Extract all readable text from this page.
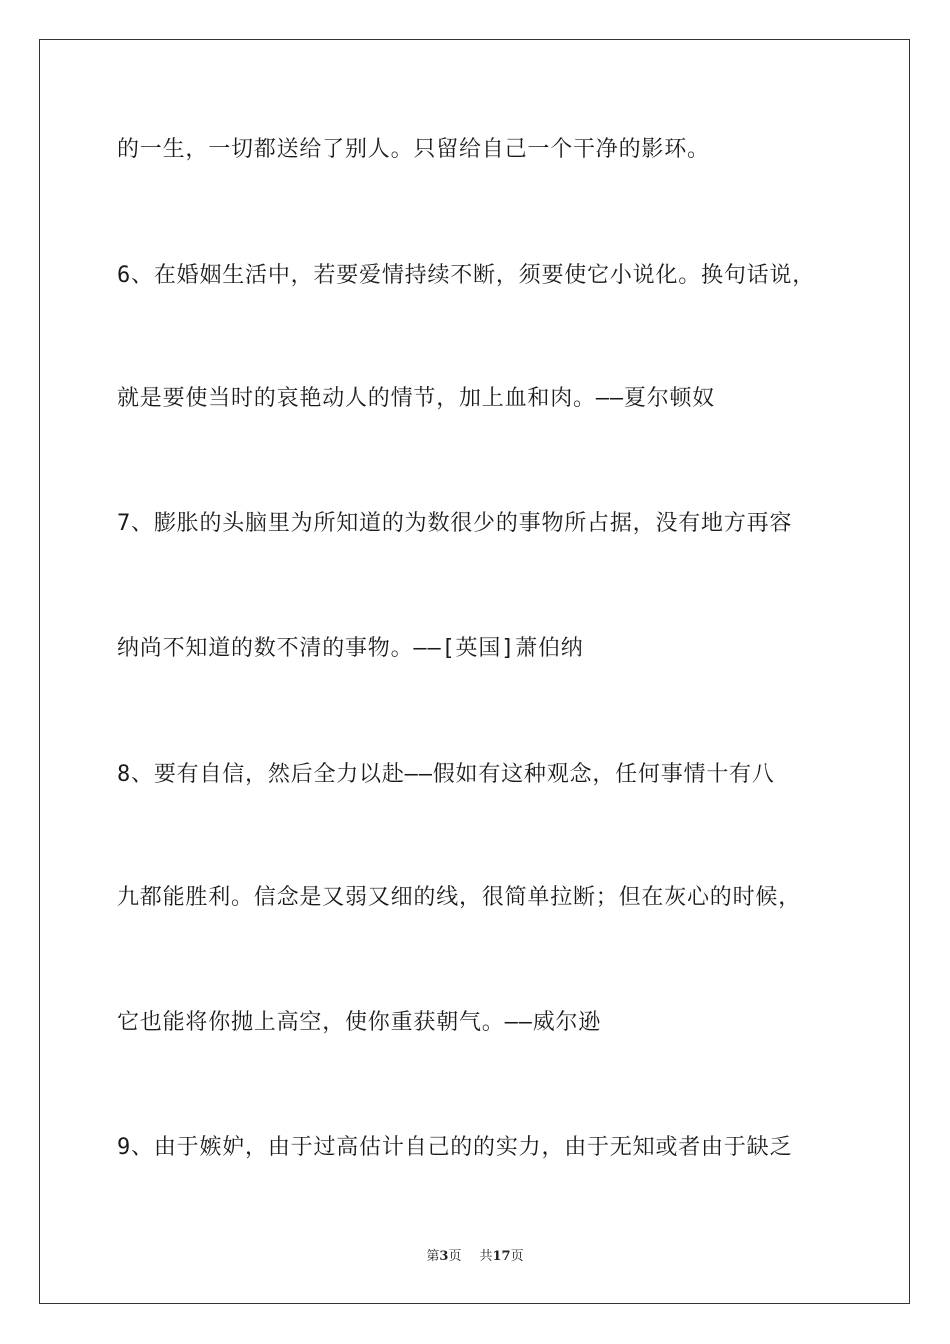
的一生，一切都送给了别人。只留给自己一个干净的影环。

6、在婚姻生活中，若要爱情持续不断，须要使它小说化。换句话说，

就是要使当时的哀艳动人的情节，加上血和肉。——夏尔顿奴

7、膨胀的头脑里为所知道的为数很少的事物所占据，没有地方再容

纳尚不知道的数不清的事物。——[英国]萧伯纳

8、要有自信，然后全力以赴——假如有这种观念，任何事情十有八

九都能胜利。信念是又弱又细的线，很简单拉断；但在灰心的时候，

它也能将你抛上高空，使你重获朝气。——威尔逊

9、由于嫉妒，由于过高估计自己的的实力，由于无知或者由于缺乏

第3页 共17页
